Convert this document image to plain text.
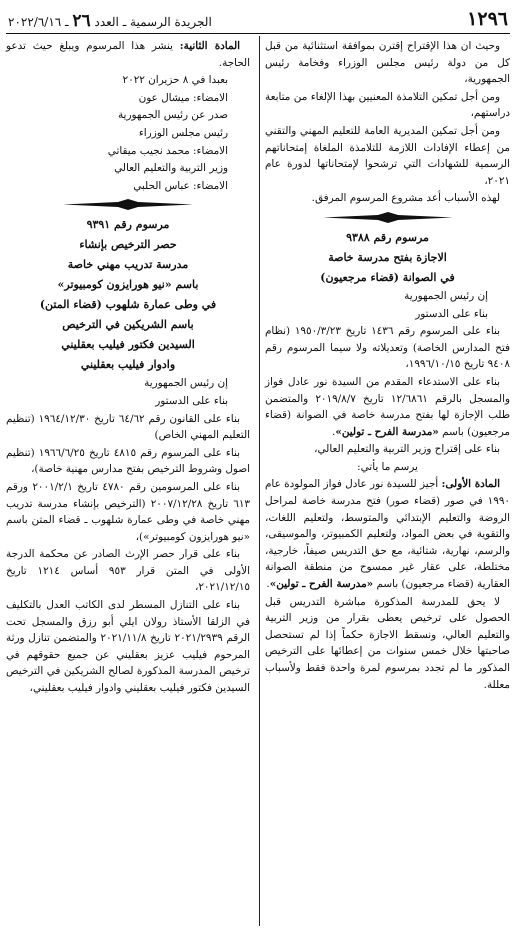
١٢٩٦
الجريدة الرسمية ـ العدد ٢٦ ـ ٢٠٢٢/٦/١٦

وحيث ان هذا الإقتراح إقترن بموافقة استثنائية من قبل كل من دولة رئيس مجلس الوزراء وفخامة رئيس الجمهورية،

ومن أجل تمكين التلامذة المعنيين بهذا الإلغاء من متابعة دراستهم،

ومن أجل تمكين المديرية العامة للتعليم المهني والتقني من إعطاء الإفادات اللازمة للتلامذة الملغاة إمتحاناتهم الرسمية للشهادات التي ترشحوا لإمتحاناتها لدورة عام ٢٠٢١،

لهذه الأسباب أعد مشروع المرسوم المرفق.

مرسوم رقم ٩٣٨٨

الاجازة بفتح مدرسة خاصة

في الصوانة (قضاء مرجعيون)

إن رئيس الجمهورية

بناء على الدستور

بناء على المرسوم رقم ١٤٣٦ تاريخ ١٩٥٠/٣/٢٣ (نظام فتح المدارس الخاصة) وتعديلاته ولا سيما المرسوم رقم ٩٤٠٨ تاريخ ١٩٩٦/١٠/١٥،

بناء على الاستدعاء المقدم من السيدة نور عادل فواز والمسجل بالرقم ١٢/٦٨٦١ تاريخ ٢٠١٩/٨/٧ والمتضمن طلب الإجازة لها بفتح مدرسة خاصة في الصوانة (قضاء مرجعيون) باسم «مدرسة الفرح ـ تولين».

بناء على إقتراح وزير التربية والتعليم العالي،

يرسم ما يأتي:

المادة الأولى: أجيز للسيدة نور عادل فواز المولودة عام ١٩٩٠ في صور (قضاء صور) فتح مدرسة خاصة لمراحل الروضة والتعليم الإبتدائي والمتوسط، ولتعليم اللغات، والتقوية في بعض المواد، ولتعليم الكمبيوتر، والموسيقى، والرسم، نهارية، شتائية، مع حق التدريس صيفاً، خارجية، مختلطة، على عقار غير ممسوح من منطقة الصوانة العقارية (قضاء مرجعيون) باسم «مدرسة الفرح ـ تولين».

لا يحق للمدرسة المذكورة مباشرة التدريس قبل الحصول على ترخيص يعطى بقرار من وزير التربية والتعليم العالي، ونسقط الاجازة حكماً إذا لم تستحصل صاحبتها خلال خمس سنوات من إعطائها على الترخيص المذكور ما لم تجدد بمرسوم لمرة واحدة فقط ولأسباب معللة.

المادة الثانية: ينشر هذا المرسوم ويبلغ حيث تدعو الحاجة.

بعبدا في ٨ حزيران ٢٠٢٢

الامضاء: ميشال عون

صدر عن رئيس الجمهورية

رئيس مجلس الوزراء

الامضاء: محمد نجيب ميقاتي

وزير التربية والتعليم العالي

الامضاء: عباس الحلبي

مرسوم رقم ٩٣٩١

حصر الترخيص بإنشاء

مدرسة تدريب مهني خاصة

باسم «نيو هورايزون كومبيوتر»

في وطى عمارة شلهوب (قضاء المتن)

باسم الشريكين في الترخيص

السيدين فكتور فيليب بعقليني

وادوار فيليب بعقليني

إن رئيس الجمهورية

بناء على الدستور

بناء على القانون رقم ٦٤/٦٢ تاريخ ١٩٦٤/١٢/٣٠ (تنظيم التعليم المهني الخاص)

بناء على المرسوم رقم ٤٨١٥ تاريخ ١٩٦٦/٦/٢٥ (تنظيم اصول وشروط الترخيص بفتح مدارس مهنية خاصة)،

بناء على المرسومين رقم ٤٧٨٠ تاريخ ٢٠٠١/٢/١ ورقم ٦١٣ تاريخ ٢٠٠٧/١٢/٢٨ (الترخيص بإنشاء مدرسة تدريب مهني خاصة في وطى عمارة شلهوب ـ قضاء المتن باسم «نيو هورايزون كومبيوتر»)،

بناء على قرار حصر الإرث الصادر عن محكمة الدرجة الأولى في المتن قرار ٩٥٣ أساس ١٢١٤ تاريخ ٢٠٢١/١٢/١٥،

بناء على التنازل المسطر لدى الكاتب العدل بالتكليف في الزلقا الأستاذ رولان ايلي أبو رزق والمسجل تحت الرقم ٢٠٢١/٢٩٣٩ تاريخ ٢٠٢١/١١/٨ والمتضمن تنازل ورثة المرحوم فيليب عزيز بعقليني عن جميع حقوقهم في ترخيص المدرسة المذكورة لصالح الشريكين في الترخيص السيدين فكتور فيليب بعقليني وادوار فيليب بعقليني،
